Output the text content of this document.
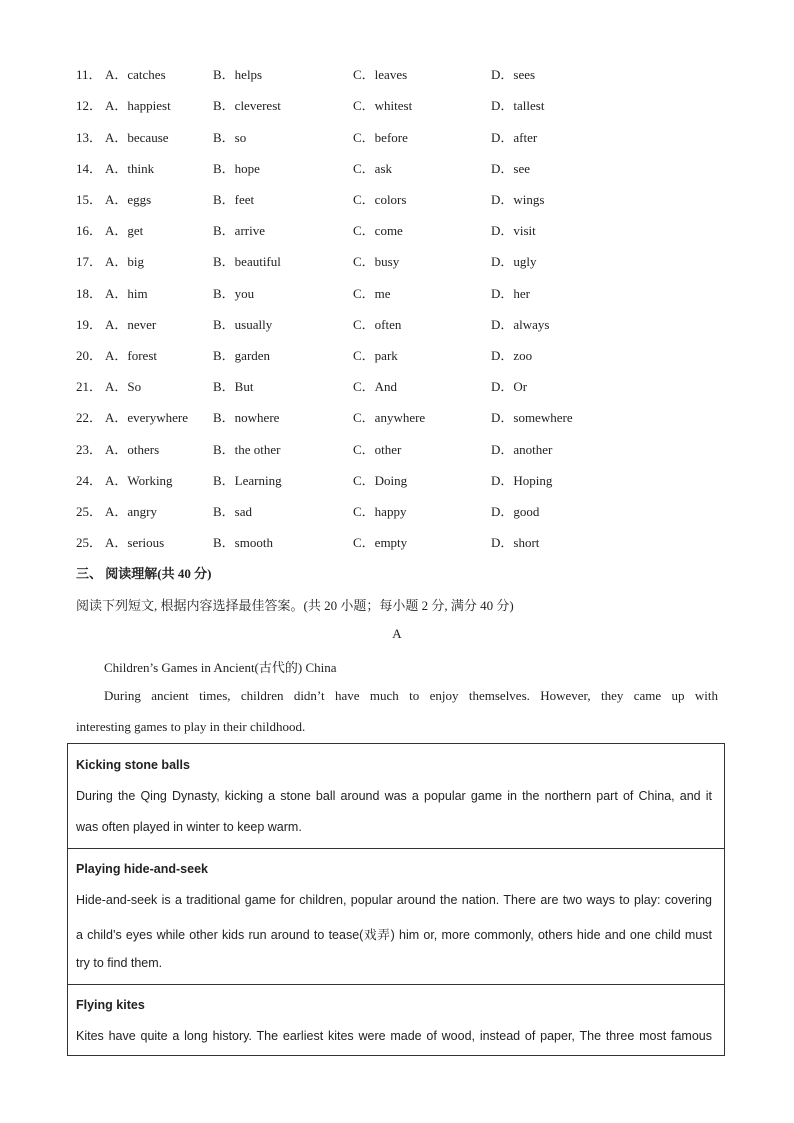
11． A．catches	B．helps	C．leaves	D．sees
12． A．happiest	B．cleverest	C．whitest	D．tallest
13． A．because	B．so	C．before	D．after
14． A．think	B．hope	C．ask	D．see
15． A．eggs	B．feet	C．colors	D．wings
16． A．get	B．arrive	C．come	D．visit
17． A．big	B．beautiful	C．busy	D．ugly
18． A．him	B．you	C．me	D．her
19． A．never	B．usually	C．often	D．always
20． A．forest	B．garden	C．park	D．zoo
21． A．So	B．But	C．And	D．Or
22． A．everywhere B．nowhere	C．anywhere	D．somewhere
23． A．others	B．the other	C．other	D．another
24． A．Working	B．Learning	C．Doing	D．Hoping
25． A．angry	B．sad	C．happy	D．good
25． A．serious	B．smooth	C．empty	D．short
三、 阅读理解(共 40 分)
阅读下列短文, 根据内容选择最佳答案。(共 20 小题；每小题 2 分, 满分 40 分)
A
Children’s Games in Ancient(古代的) China
During ancient times, children didn’t have much to enjoy themselves. However, they came up with
interesting games to play in their childhood.
Kicking stone balls
During the Qing Dynasty, kicking a stone ball around was a popular game in the northern part of China, and it
was often played in winter to keep warm.
Playing hide-and-seek
Hide-and-seek is a traditional game for children, popular around the nation. There are two ways to play: covering
a child’s eyes while other kids run around to tease(戏弄) him or, more commonly, others hide and one child must
try to find them.
Flying kites
Kites have quite a long history. The earliest kites were made of wood, instead of paper, The three most famous
